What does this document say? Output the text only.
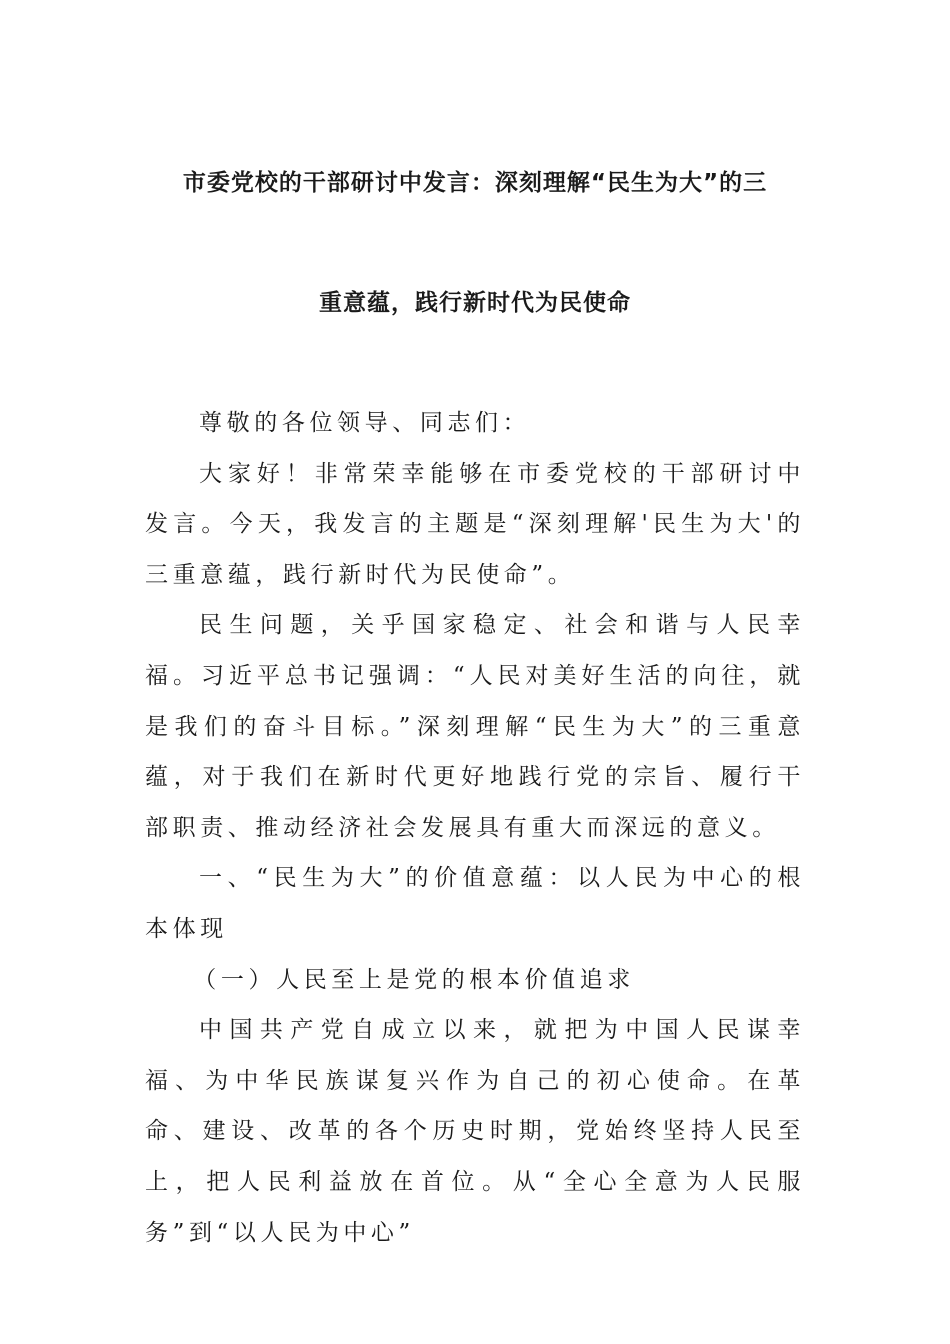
市委党校的干部研讨中发言：深刻理解“民生为大”的三
重意蕴，践行新时代为民使命

尊敬的各位领导、同志们：

大家好！非常荣幸能够在市委党校的干部研讨中发言。今天，我发言的主题是“深刻理解'民生为大'的三重意蕴，践行新时代为民使命”。

民生问题，关乎国家稳定、社会和谐与人民幸福。习近平总书记强调：“人民对美好生活的向往，就是我们的奋斗目标。”深刻理解“民生为大”的三重意蕴，对于我们在新时代更好地践行党的宗旨、履行干部职责、推动经济社会发展具有重大而深远的意义。

一、“民生为大”的价值意蕴：以人民为中心的根本体现

（一）人民至上是党的根本价值追求

中国共产党自成立以来，就把为中国人民谋幸福、为中华民族谋复兴作为自己的初心使命。在革命、建设、改革的各个历史时期，党始终坚持人民至上，把人民利益放在首位。从“全心全意为人民服务”到“以人民为中心”
